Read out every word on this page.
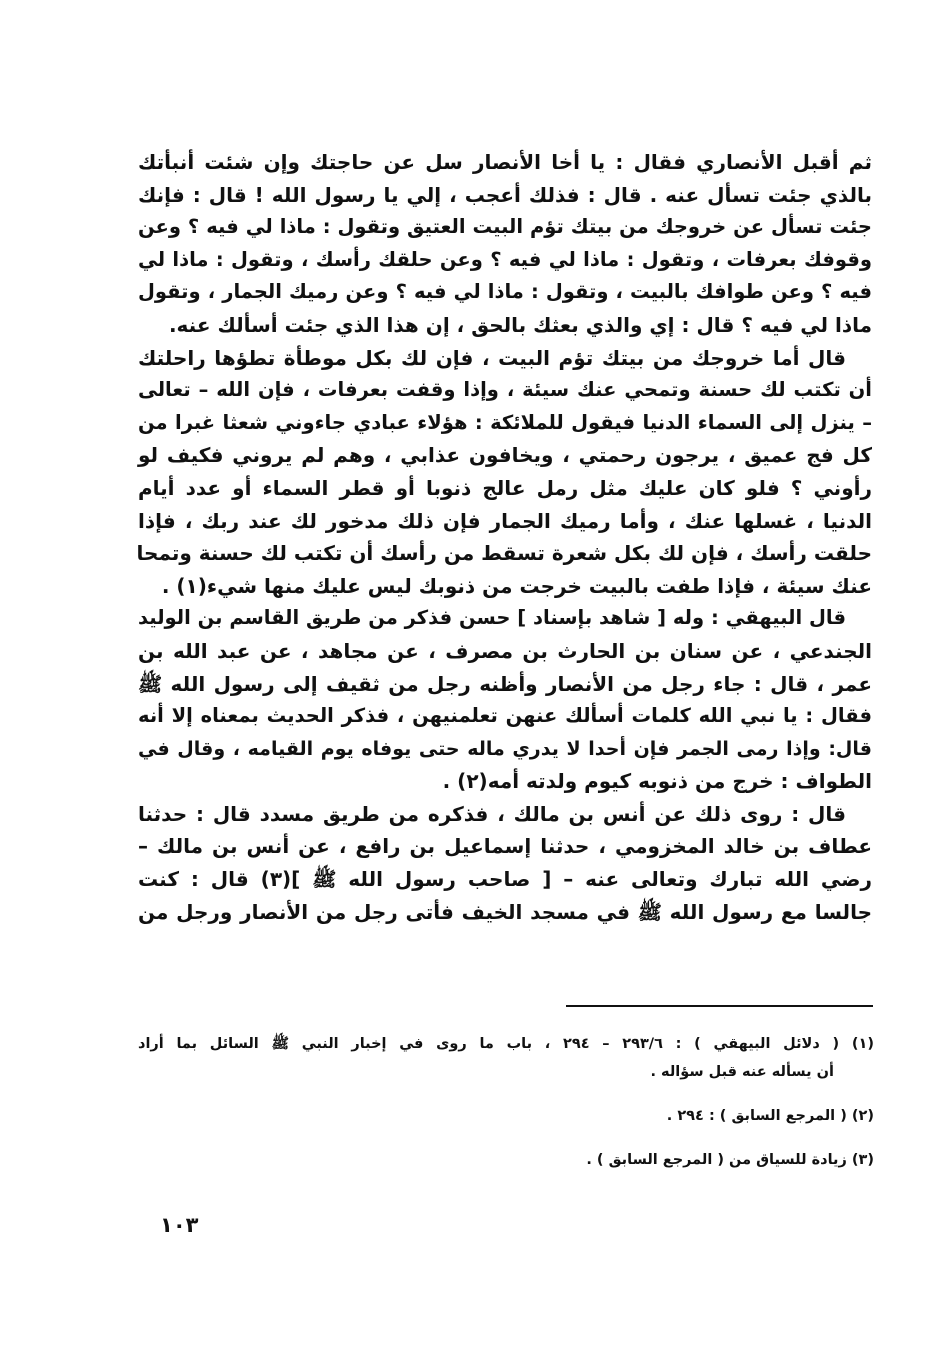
ثم أقبل الأنصاري فقال : يا أخا الأنصار سل عن حاجتك وإن شئت أنبأتك
بالذي جئت تسأل عنه . قال : فذلك أعجب ، إلي يا رسول الله ! قال : فإنك
جئت تسأل عن خروجك من بيتك تؤم البيت العتيق وتقول : ماذا لي فيه ؟ وعن
وقوفك بعرفات ، وتقول : ماذا لي فيه ؟ وعن حلقك رأسك ، وتقول : ماذا لي
فيه ؟ وعن طوافك بالبيت ، وتقول : ماذا لي فيه ؟ وعن رميك الجمار ، وتقول
ماذا لي فيه ؟ قال : إي والذي بعثك بالحق ، إن هذا الذي جئت أسألك عنه.
قال أما خروجك من بيتك تؤم البيت ، فإن لك بكل موطأة تطؤها راحلتك
أن تكتب لك حسنة وتمحي عنك سيئة ، وإذا وقفت بعرفات ، فإن الله – تعالى
– ينزل إلى السماء الدنيا فيقول للملائكة : هؤلاء عبادي جاءوني شعثا غبرا من
كل فج عميق ، يرجون رحمتي ، ويخافون عذابي ، وهم لم يروني فكيف لو
رأوني ؟ فلو كان عليك مثل رمل عالج ذنوبا أو قطر السماء أو عدد أيام
الدنيا ، غسلها عنك ، وأما رميك الجمار فإن ذلك مدخور لك عند ربك ، فإذا
حلقت رأسك ، فإن لك بكل شعرة تسقط من رأسك أن تكتب لك حسنة وتمحا
عنك سيئة ، فإذا طفت بالبيت خرجت من ذنوبك ليس عليك منها شيء(١) .
قال البيهقي : وله [ شاهد بإسناد ] حسن فذكر من طريق القاسم بن الوليد
الجندعي ، عن سنان بن الحارث بن مصرف ، عن مجاهد ، عن عبد الله بن
عمر ، قال : جاء رجل من الأنصار وأظنه رجل من ثقيف إلى رسول الله ﷺ
فقال : يا نبي الله كلمات أسألك عنهن تعلمنيهن ، فذكر الحديث بمعناه إلا أنه
قال: وإذا رمى الجمر فإن أحدا لا يدري ماله حتى يوفاه يوم القيامه ، وقال في
الطواف : خرج من ذنوبه كيوم ولدته أمه(٢) .
قال : روى ذلك عن أنس بن مالك ، فذكره من طريق مسدد قال : حدثنا
عطاف بن خالد المخزومي ، حدثنا إسماعيل بن رافع ، عن أنس بن مالك –
رضي الله تبارك وتعالى عنه – [ صاحب رسول الله ﷺ ](٣) قال : كنت
جالسا مع رسول الله ﷺ في مسجد الخيف فأتى رجل من الأنصار ورجل من
(١) ( دلائل البيهقي ) : ٢٩٣/٦ – ٢٩٤ ، باب ما روى في إخبار النبي ﷺ السائل بما أراد
أن يسأله عنه قبل سؤاله .
(٢) ( المرجع السابق ) : ٢٩٤ .
(٣) زيادة للسياق من ( المرجع السابق ) .
١٠٣
